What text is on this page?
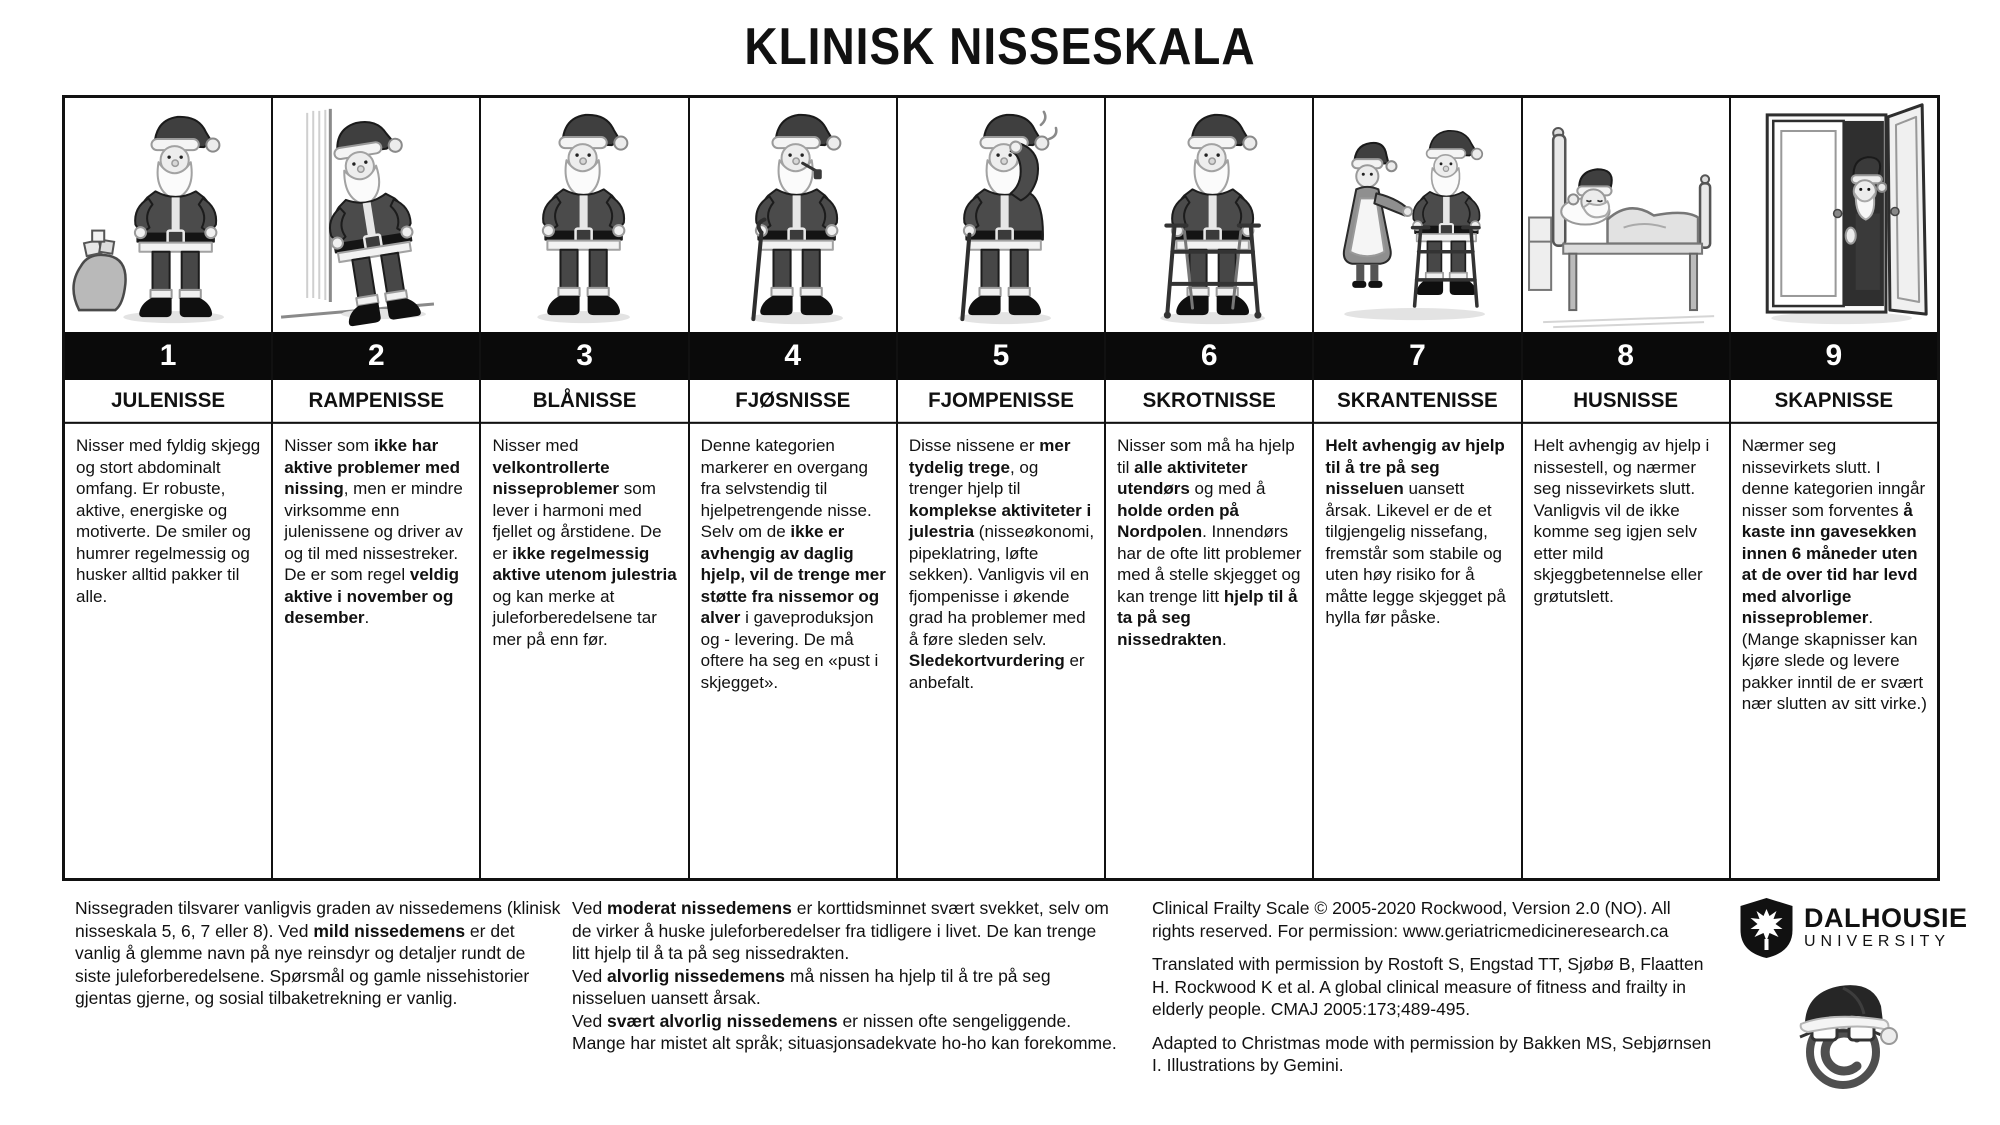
KLINISK NISSESKALA
1
JULENISSE
Nisser med fyldig skjegg og stort abdominalt omfang. Er robuste, aktive, energiske og motiverte. De smiler og humrer regelmessig og husker alltid pakker til alle.
2
RAMPENISSE
Nisser som ikke har aktive problemer med nissing, men er mindre virksomme enn julenissene og driver av og til med nissestreker. De er som regel veldig aktive i november og desember.
3
BLÅNISSE
Nisser med velkontrollerte nisseproblemer som lever i harmoni med fjellet og årstidene. De er ikke regelmessig aktive utenom julestria og kan merke at juleforberedelsene tar mer på enn før.
4
FJØSNISSE
Denne kategorien markerer en overgang fra selvstendig til hjelpetrengende nisse. Selv om de ikke er avhengig av daglig hjelp, vil de trenge mer støtte fra nissemor og alver i gaveproduksjon og - levering. De må oftere ha seg en «pust i skjegget».
5
FJOMPENISSE
Disse nissene er mer tydelig trege, og trenger hjelp til komplekse aktiviteter i julestria (nisseøkonomi, pipeklatring, løfte sekken). Vanligvis vil en fjompenisse i økende grad ha problemer med å føre sleden selv. Sledekortvurdering er anbefalt.
6
SKROTNISSE
Nisser som må ha hjelp til alle aktiviteter utendørs og med å holde orden på Nordpolen. Innendørs har de ofte litt problemer med å stelle skjegget og kan trenge litt hjelp til å ta på seg nissedrakten.
7
SKRANTENISSE
Helt avhengig av hjelp til å tre på seg nisseluen uansett årsak. Likevel er de et tilgjengelig nissefang, fremstår som stabile og uten høy risiko for å måtte legge skjegget på hylla før påske.
8
HUSNISSE
Helt avhengig av hjelp i nissestell, og nærmer seg nissevirkets slutt. Vanligvis vil de ikke komme seg igjen selv etter mild skjeggbetennelse eller grøtutslett.
9
SKAPNISSE
Nærmer seg nissevirkets slutt. I denne kategorien inngår nisser som forventes å kaste inn gavesekken innen 6 måneder uten at de over tid har levd med alvorlige nisseproblemer. (Mange skapnisser kan kjøre slede og levere pakker inntil de er svært nær slutten av sitt virke.)
Nissegraden tilsvarer vanligvis graden av nissedemens (klinisk nisseskala 5, 6, 7 eller 8). Ved mild nissedemens er det vanlig å glemme navn på nye reinsdyr og detaljer rundt de siste juleforberedelsene. Spørsmål og gamle nissehistorier gjentas gjerne, og sosial tilbaketrekning er vanlig.
Ved moderat nissedemens er korttidsminnet svært svekket, selv om de virker å huske juleforberedelser fra tidligere i livet. De kan trenge litt hjelp til å ta på seg nissedrakten.
Ved alvorlig nissedemens må nissen ha hjelp til å tre på seg nisseluen uansett årsak.
Ved svært alvorlig nissedemens er nissen ofte sengeliggende. Mange har mistet alt språk; situasjonsadekvate ho-ho kan forekomme.
Clinical Frailty Scale © 2005-2020 Rockwood, Version 2.0 (NO). All rights reserved. For permission: www.geriatricmedicineresearch.ca
Translated with permission by Rostoft S, Engstad TT, Sjøbø B, Flaatten H. Rockwood K et al. A global clinical measure of fitness and frailty in elderly people. CMAJ 2005:173;489-495.
Adapted to Christmas mode with permission by Bakken MS, Sebjørnsen I. Illustrations by Gemini.
DALHOUSIE
UNIVERSITY
